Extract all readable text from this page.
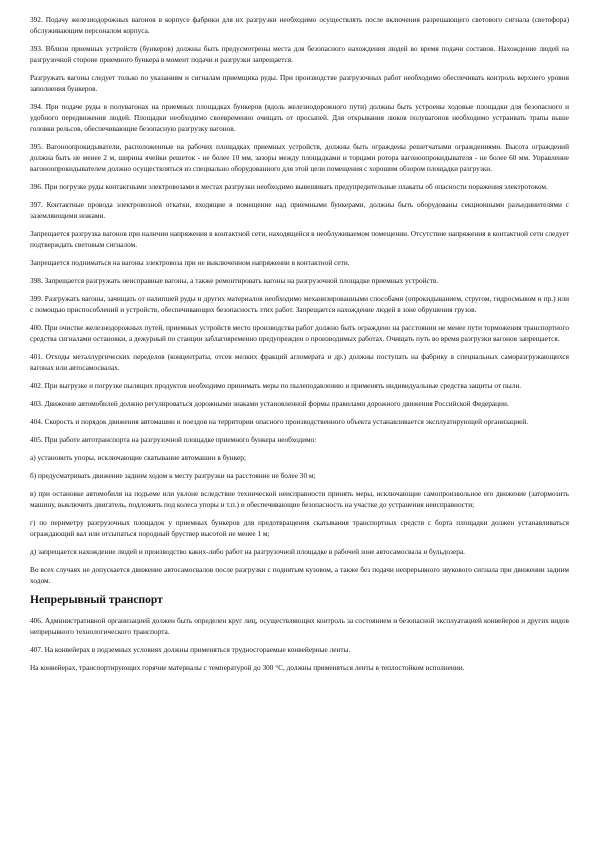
392. Подачу железнодорожных вагонов в корпусе фабрики для их разгрузки необходимо осуществлять после включения разрешающего светового сигнала (светофора) обслуживающим персоналом корпуса.

393. Вблизи приемных устройств (бункеров) должны быть предусмотрены места для безопасного нахождения людей во время подачи составов. Нахождение людей на разгрузочной стороне приемного бункера в момент подачи и разгрузки запрещается.

Разгружать вагоны следует только по указаниям и сигналам приемщика руды. При производстве разгрузочных работ необходимо обеспечивать контроль верхнего уровня заполнения бункеров.

394. При подаче руды в полувагонах на приемных площадках бункеров (вдоль железнодорожного пути) должны быть устроены ходовые площадки для безопасного и удобного передвижения людей. Площадки необходимо своевременно очищать от просыпей. Для открывания люков полувагонов необходимо устраивать трапы выше головки рельсов, обеспечивающие безопасную разгрузку вагонов.

395. Вагоноопрокидыватели, расположенные на рабочих площадках приемных устройств, должны быть ограждены решетчатыми ограждениями. Высота ограждений должна быть не менее 2 м, ширина ячейки решеток - не более 10 мм, зазоры между площадками и торцами ротора вагоноопрокидывателя - не более 60 мм. Управление вагоноопрокидывателем должно осуществляться из специально оборудованного для этой цели помещения с хорошим обзором площадки разгрузки.

396. При погрузке руды контактными электровозами в местах разгрузки необходимо вывешивать предупредительные плакаты об опасности поражения электротоком.

397. Контактные провода электровозной откатки, входящие в помещение над приемными бункерами, должны быть оборудованы секционными разъединителями с заземляющими ножами.

Запрещается разгрузка вагонов при наличии напряжения в контактной сети, находящейся в необлуживаемом помещении. Отсутствие напряжения в контактной сети следует подтверждать световым сигналом.

Запрещается подниматься на вагоны электровоза при не выключенном напряжении в контактной сети.

398. Запрещается разгружать неисправные вагоны, а также ремонтировать вагоны на разгрузочной площадке приемных устройств.

399. Разгружать вагоны, зачищать от налипшей руды и других материалов необходимо механизированными способами (опрокидыванием, стругом, гидросмывом и пр.) или с помощью приспособлений и устройств, обеспечивающих безопасность этих работ. Запрещается нахождение людей в зоне обрушения грузов.

400. При очистке железнодорожных путей, приемных устройств место производства работ должно быть ограждено на расстоянии не менее пути торможения транспортного средства сигналами остановки, а дежурный по станции заблаговременно предупрежден о производимых работах. Очищать путь во время разгрузки вагонов запрещается.

401. Отходы металлургических переделов (концентраты, отсев мелких фракций агломерата и др.) должны поступать на фабрику в специальных саморазгружающихся вагонах или автосамосвалах.

402. При выгрузке и погрузке пылящих продуктов необходимо принимать меры по пылеподавлению и применять индивидуальные средства защиты от пыли.

403. Движение автомобилей должно регулироваться дорожными знаками установленной формы правилами дорожного движения Российской Федерации.

404. Скорость и порядок движения автомашин и поездов на территории опасного производственного объекта устанавливается эксплуатирующей организацией.

405. При работе автотранспорта на разгрузочной площадке приемного бункера необходимо:

а) установить упоры, исключающие скатывание автомашин в бункер;

б) предусматривать движение задним ходом к месту разгрузки на расстояние не более 30 м;

в) при остановке автомобиля на подъеме или уклоне вследствие технической неисправности принять меры, исключающие самопроизвольное его движение (затормозить машину, выключить двигатель, подложить под колеса упоры и т.п.) и обеспечивающие безопасность на участке до устранения неисправности;

г) по периметру разгрузочных площадок у приемных бункеров для предотвращения скатывания транспортных средств с борта площадки должен устанавливаться ограждающий вал или отсыпаться породный бруствер высотой не менее 1 м;

д) запрещается нахождение людей и производство каких-либо работ на разгрузочной площадке в рабочей зоне автосамосвала и бульдозера.

Во всех случаях не допускается движение автосамосвалов после разгрузки с поднятым кузовом, а также без подачи непрерывного звукового сигнала при движении задним ходом.

Непрерывный транспорт

406. Административной организацией должен быть определен круг лиц, осуществляющих контроль за состоянием и безопасной эксплуатацией конвейеров и других видов непрерывного технологического транспорта.

407. На конвейерах в подземных условиях должны применяться трудносгораемые конвейерные ленты.

На конвейерах, транспортирующих горячие материалы с температурой до 300 °С, должны применяться ленты в теплостойком исполнении.
